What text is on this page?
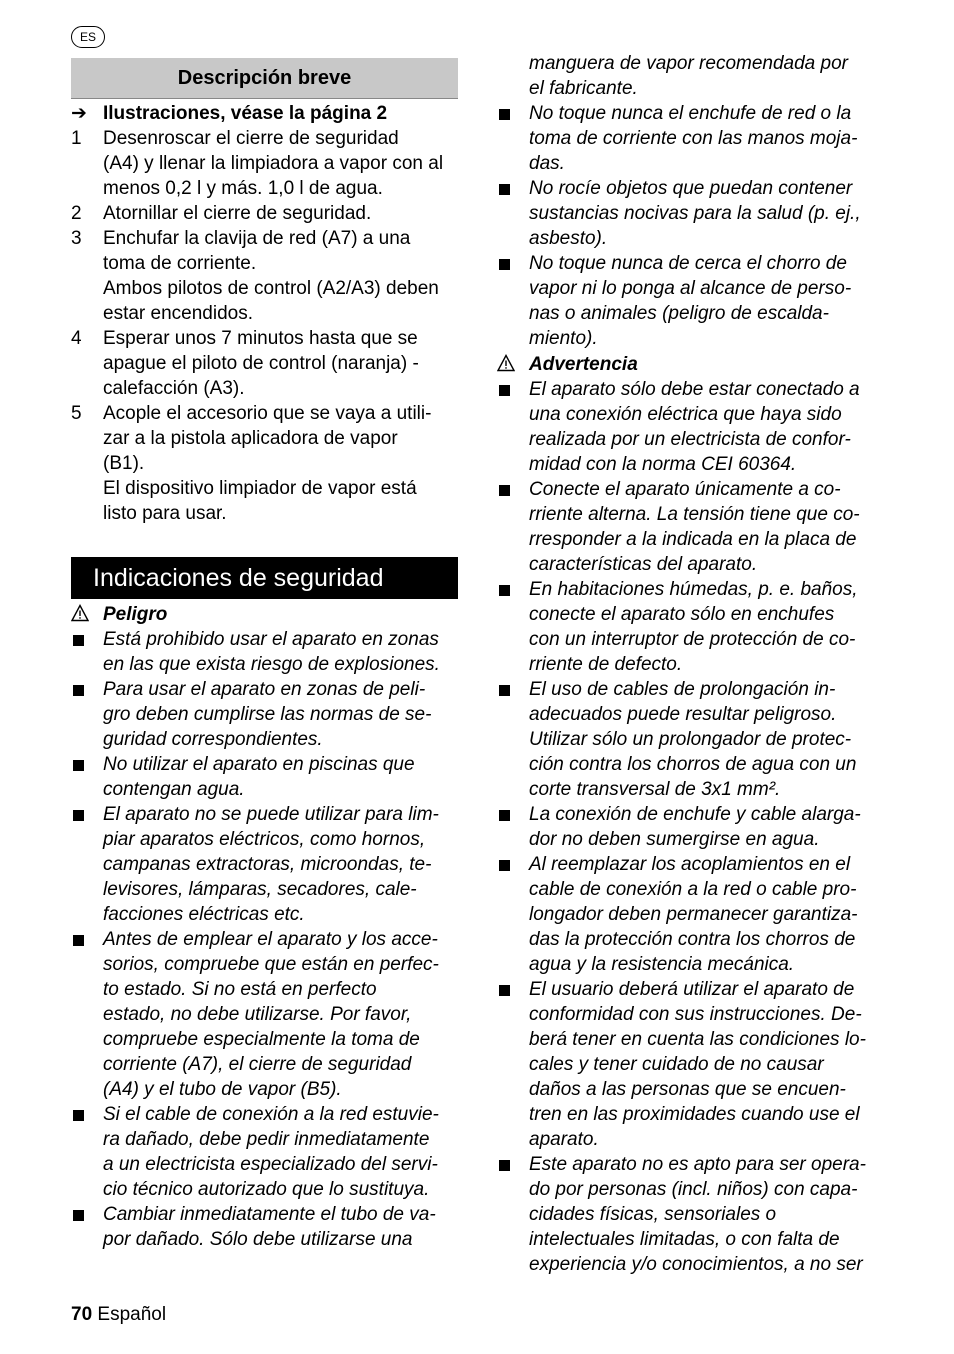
ES
Descripción breve
➔ Ilustraciones, véase la página 2
1 Desenroscar el cierre de seguridad
(A4) y llenar la limpiadora a vapor con al
menos 0,2 l y más. 1,0 l de agua.
2 Atornillar el cierre de seguridad.
3 Enchufar la clavija de red (A7) a una
toma de corriente.
Ambos pilotos de control (A2/A3) deben
estar encendidos.
4 Esperar unos 7 minutos hasta que se
apague el piloto de control (naranja) -
calefacción (A3).
5 Acople el accesorio que se vaya a utili-
zar a la pistola aplicadora de vapor
(B1).
El dispositivo limpiador de vapor está
listo para usar.
Indicaciones de seguridad
Peligro
Está prohibido usar el aparato en zonas
en las que exista riesgo de explosiones.
Para usar el aparato en zonas de peli-
gro deben cumplirse las normas de se-
guridad correspondientes.
No utilizar el aparato en piscinas que
contengan agua.
El aparato no se puede utilizar para lim-
piar aparatos eléctricos, como hornos,
campanas extractoras, microondas, te-
levisores, lámparas, secadores, cale-
facciones eléctricas etc.
Antes de emplear el aparato y los acce-
sorios, compruebe que están en perfec-
to estado. Si no está en perfecto
estado, no debe utilizarse. Por favor,
compruebe especialmente la toma de
corriente (A7), el cierre de seguridad
(A4) y el tubo de vapor (B5).
Si el cable de conexión a la red estuvie-
ra dañado, debe pedir inmediatamente
a un electricista especializado del servi-
cio técnico autorizado que lo sustituya.
Cambiar inmediatamente el tubo de va-
por dañado. Sólo debe utilizarse una
manguera de vapor recomendada por
el fabricante.
No toque nunca el enchufe de red o la
toma de corriente con las manos moja-
das.
No rocíe objetos que puedan contener
sustancias nocivas para la salud (p. ej.,
asbesto).
No toque nunca de cerca el chorro de
vapor ni lo ponga al alcance de perso-
nas o animales (peligro de escalda-
miento).
Advertencia
El aparato sólo debe estar conectado a
una conexión eléctrica que haya sido
realizada por un electricista de confor-
midad con la norma CEI 60364.
Conecte el aparato únicamente a co-
rriente alterna. La tensión tiene que co-
rresponder a la indicada en la placa de
características del aparato.
En habitaciones húmedas, p. e. baños,
conecte el aparato sólo en enchufes
con un interruptor de protección de co-
rriente de defecto.
El uso de cables de prolongación in-
adecuados puede resultar peligroso.
Utilizar sólo un prolongador de protec-
ción contra los chorros de agua con un
corte transversal de 3x1 mm².
La conexión de enchufe y cable alarga-
dor no deben sumergirse en agua.
Al reemplazar los acoplamientos en el
cable de conexión a la red o cable pro-
longador deben permanecer garantiza-
das la protección contra los chorros de
agua y la resistencia mecánica.
El usuario deberá utilizar el aparato de
conformidad con sus instrucciones. De-
berá tener en cuenta las condiciones lo-
cales y tener cuidado de no causar
daños a las personas que se encuen-
tren en las proximidades cuando use el
aparato.
Este aparato no es apto para ser opera-
do por personas (incl. niños) con capa-
cidades físicas, sensoriales o
intelectuales limitadas, o con falta de
experiencia y/o conocimientos, a no ser
70 Español
